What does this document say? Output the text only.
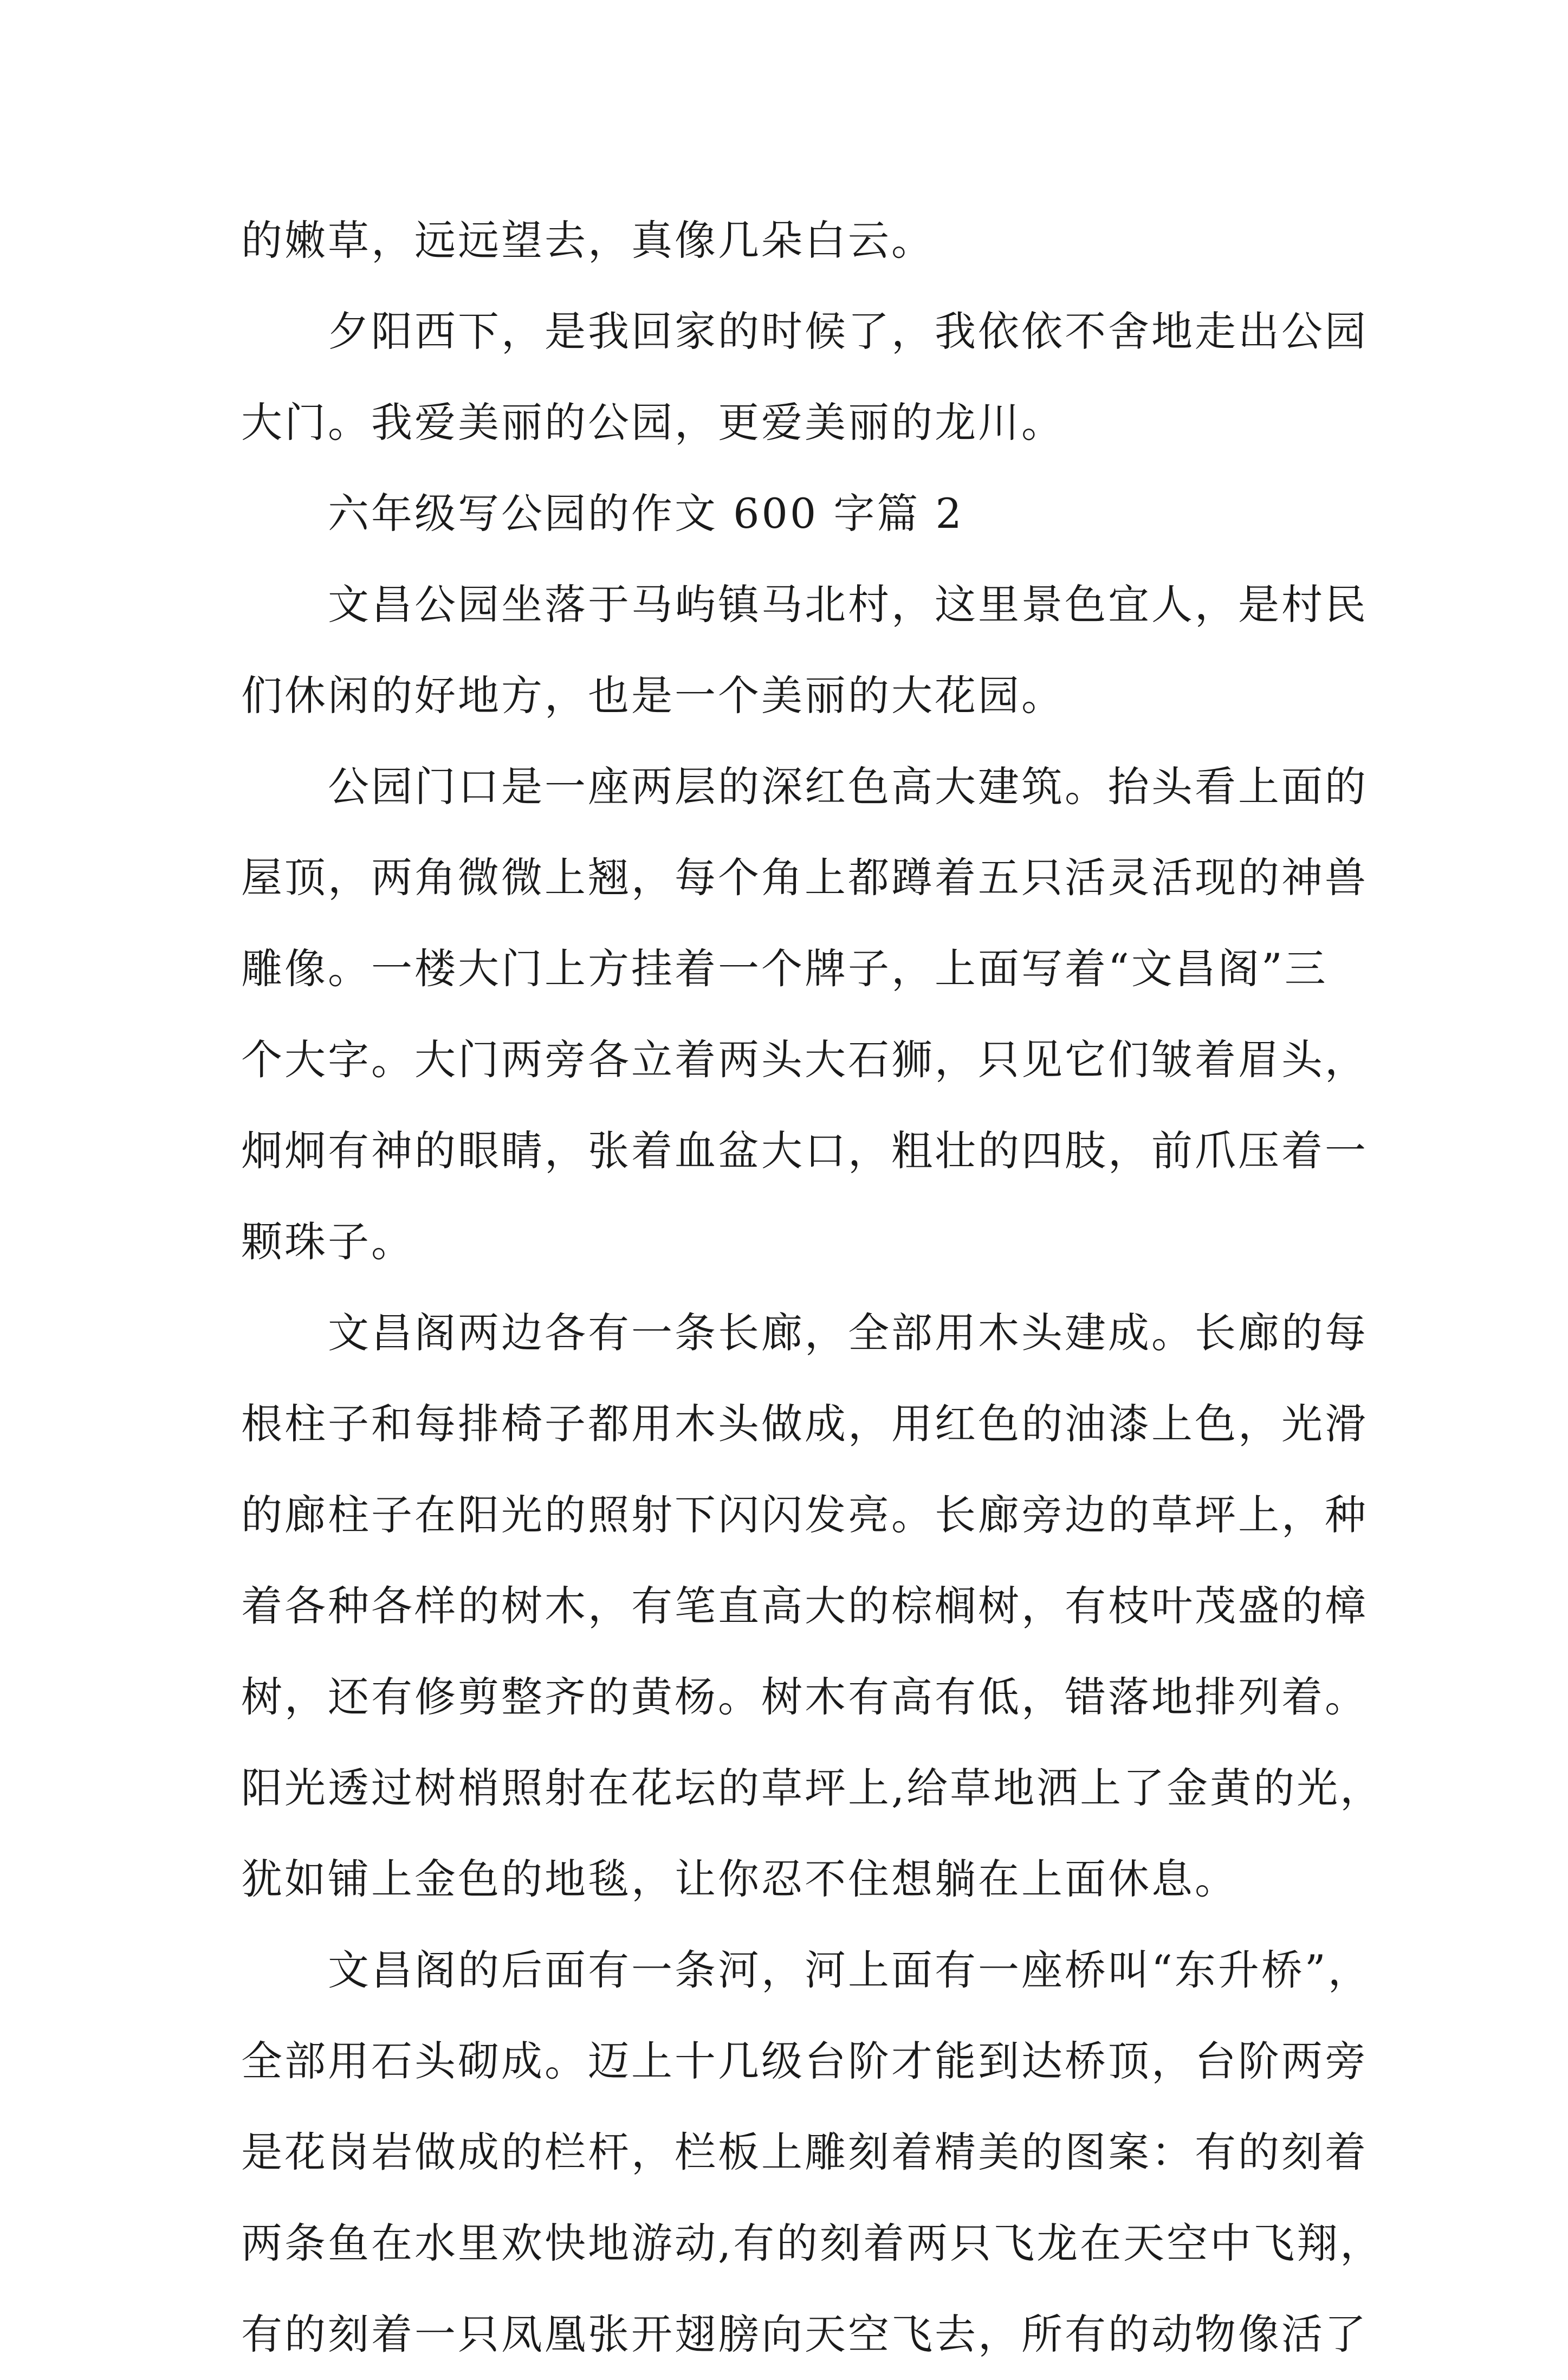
的嫩草，远远望去，真像几朵白云。
夕阳西下，是我回家的时候了，我依依不舍地走出公园
大门。我爱美丽的公园，更爱美丽的龙川。
六年级写公园的作文 600 字篇 2
文昌公园坐落于马屿镇马北村，这里景色宜人，是村民
们休闲的好地方，也是一个美丽的大花园。
公园门口是一座两层的深红色高大建筑。抬头看上面的
屋顶，两角微微上翘，每个角上都蹲着五只活灵活现的神兽
雕像。一楼大门上方挂着一个牌子，上面写着“文昌阁”三
个大字。大门两旁各立着两头大石狮，只见它们皱着眉头，
炯炯有神的眼睛，张着血盆大口，粗壮的四肢，前爪压着一
颗珠子。
文昌阁两边各有一条长廊，全部用木头建成。长廊的每
根柱子和每排椅子都用木头做成，用红色的油漆上色，光滑
的廊柱子在阳光的照射下闪闪发亮。长廊旁边的草坪上，种
着各种各样的树木，有笔直高大的棕榈树，有枝叶茂盛的樟
树，还有修剪整齐的黄杨。树木有高有低，错落地排列着。
阳光透过树梢照射在花坛的草坪上,给草地洒上了金黄的光，
犹如铺上金色的地毯，让你忍不住想躺在上面休息。
文昌阁的后面有一条河，河上面有一座桥叫“东升桥”，
全部用石头砌成。迈上十几级台阶才能到达桥顶，台阶两旁
是花岗岩做成的栏杆，栏板上雕刻着精美的图案：有的刻着
两条鱼在水里欢快地游动,有的刻着两只飞龙在天空中飞翔，
有的刻着一只凤凰张开翅膀向天空飞去，所有的动物像活了
